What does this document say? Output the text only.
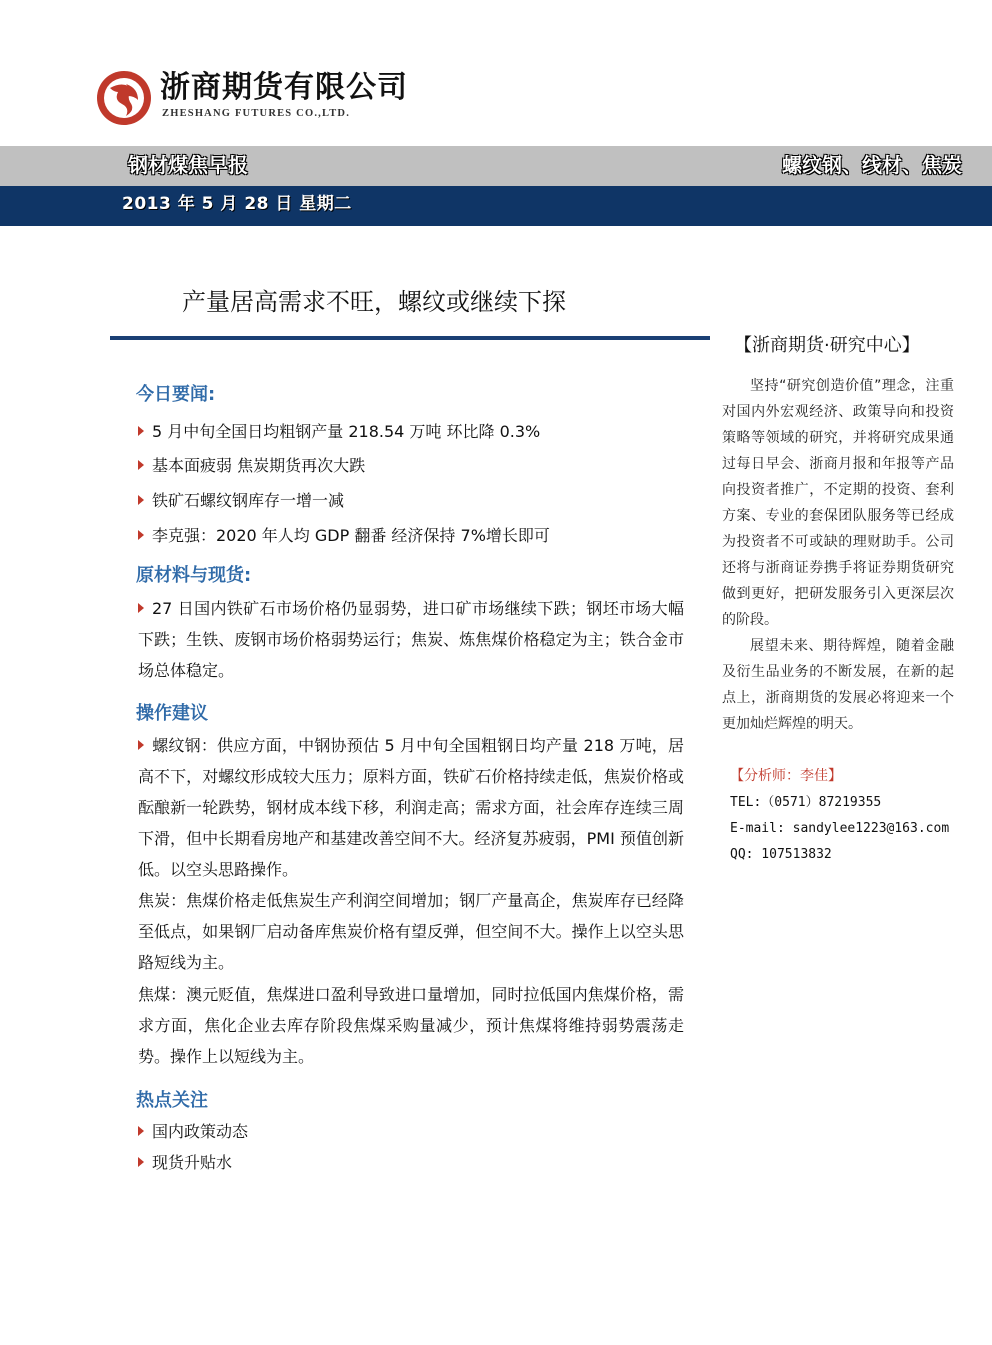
浙商期货有限公司
ZHESHANG FUTURES CO.,LTD.
钢材煤焦早报	螺纹钢、线材、焦炭
2013 年 5 月 28 日 星期二
产量居高需求不旺，螺纹或继续下探
【浙商期货·研究中心】

坚持“研究创造价值”理念，注重对国内外宏观经济、政策导向和投资策略等领域的研究，并将研究成果通过每日早会、浙商月报和年报等产品向投资者推广，不定期的投资、套利方案、专业的套保团队服务等已经成为投资者不可或缺的理财助手。公司还将与浙商证券携手将证券期货研究做到更好，把研发服务引入更深层次的阶段。

展望未来、期待辉煌，随着金融及衍生品业务的不断发展，在新的起点上，浙商期货的发展必将迎来一个更加灿烂辉煌的明天。

【分析师：李佳】
TEL:（0571）87219355
E-mail: sandylee1223@163.com
QQ: 107513832
今日要闻:
5 月中旬全国日均粗钢产量 218.54 万吨 环比降 0.3%
基本面疲弱 焦炭期货再次大跌
铁矿石螺纹钢库存一增一减
李克强：2020 年人均 GDP 翻番 经济保持 7%增长即可
原材料与现货:

27 日国内铁矿石市场价格仍显弱势，进口矿市场继续下跌；钢坯市场大幅下跌；生铁、废钢市场价格弱势运行；焦炭、炼焦煤价格稳定为主；铁合金市场总体稳定。

操作建议

螺纹钢：供应方面，中钢协预估 5 月中旬全国粗钢日均产量 218 万吨，居高不下，对螺纹形成较大压力；原料方面，铁矿石价格持续走低，焦炭价格或酝酿新一轮跌势，钢材成本线下移，利润走高；需求方面，社会库存连续三周下滑，但中长期看房地产和基建改善空间不大。经济复苏疲弱，PMI 预值创新低。以空头思路操作。

焦炭：焦煤价格走低焦炭生产利润空间增加；钢厂产量高企，焦炭库存已经降至低点，如果钢厂启动备库焦炭价格有望反弹，但空间不大。操作上以空头思路短线为主。

焦煤：澳元贬值，焦煤进口盈利导致进口量增加，同时拉低国内焦煤价格，需求方面，焦化企业去库存阶段焦煤采购量减少，预计焦煤将维持弱势震荡走势。操作上以短线为主。

热点关注
国内政策动态
现货升贴水
